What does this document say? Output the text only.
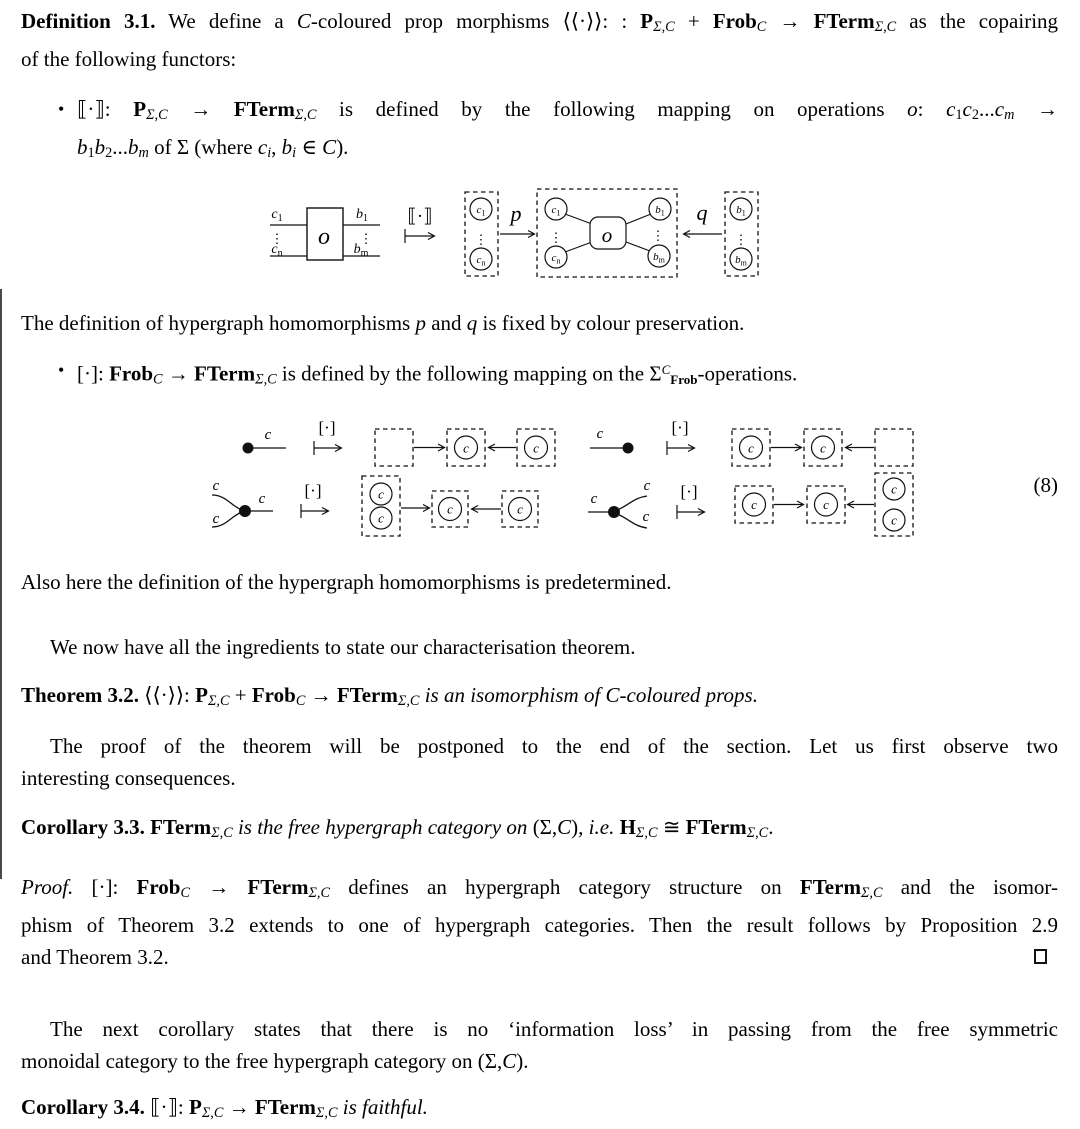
Definition 3.1. We define a C-coloured prop morphisms ⟨⟨·⟩⟩: : PΣ,C + FrobC → FTermΣ,C as the copairing

of the following functors:

• ⟦·⟧: PΣ,C → FTermΣ,C is defined by the following mapping on operations o: c1c2...cm →

b1b2...bm of Σ (where ci, bi ∈ C).

$c_1$
⋮
$c_n$
o
$b_1$
⋮
$b_m$
⟦·⟧	$c_1$
⋮
$c_n$
p	$c_1$
⋮
$c_n$
o
$b_1$
⋮
$b_m$
q	$b_1$
⋮
$b_m$

The definition of hypergraph homomorphisms p and q is fixed by colour preservation.

• [·]: FrobC → FTermΣ,C is defined by the following mapping on the $\Sigma^CFrob$-operations.

c	[·]
c	c
c	[·]
c	c
c
c
c [·]	c
c
c	c
c
c
c
[·]
c	c
c
c
(8)

Also here the definition of the hypergraph homomorphisms is predetermined.

We now have all the ingredients to state our characterisation theorem.

Theorem 3.2. ⟨⟨·⟩⟩: PΣ,C + FrobC → FTermΣ,C is an isomorphism of C-coloured props.

The proof of the theorem will be postponed to the end of the section. Let us first observe two

interesting consequences.

Corollary 3.3. FTermΣ,C is the free hypergraph category on (Σ,C), i.e. HΣ,C ≅ FTermΣ,C.

Proof. [·]: FrobC → FTermΣ,C defines an hypergraph category structure on FTermΣ,C and the isomor-

phism of Theorem 3.2 extends to one of hypergraph categories. Then the result follows by Proposition 2.9

and Theorem 3.2.

The next corollary states that there is no ‘information loss’ in passing from the free symmetric

monoidal category to the free hypergraph category on (Σ,C).

Corollary 3.4. ⟦·⟧: PΣ,C → FTermΣ,C is faithful.
